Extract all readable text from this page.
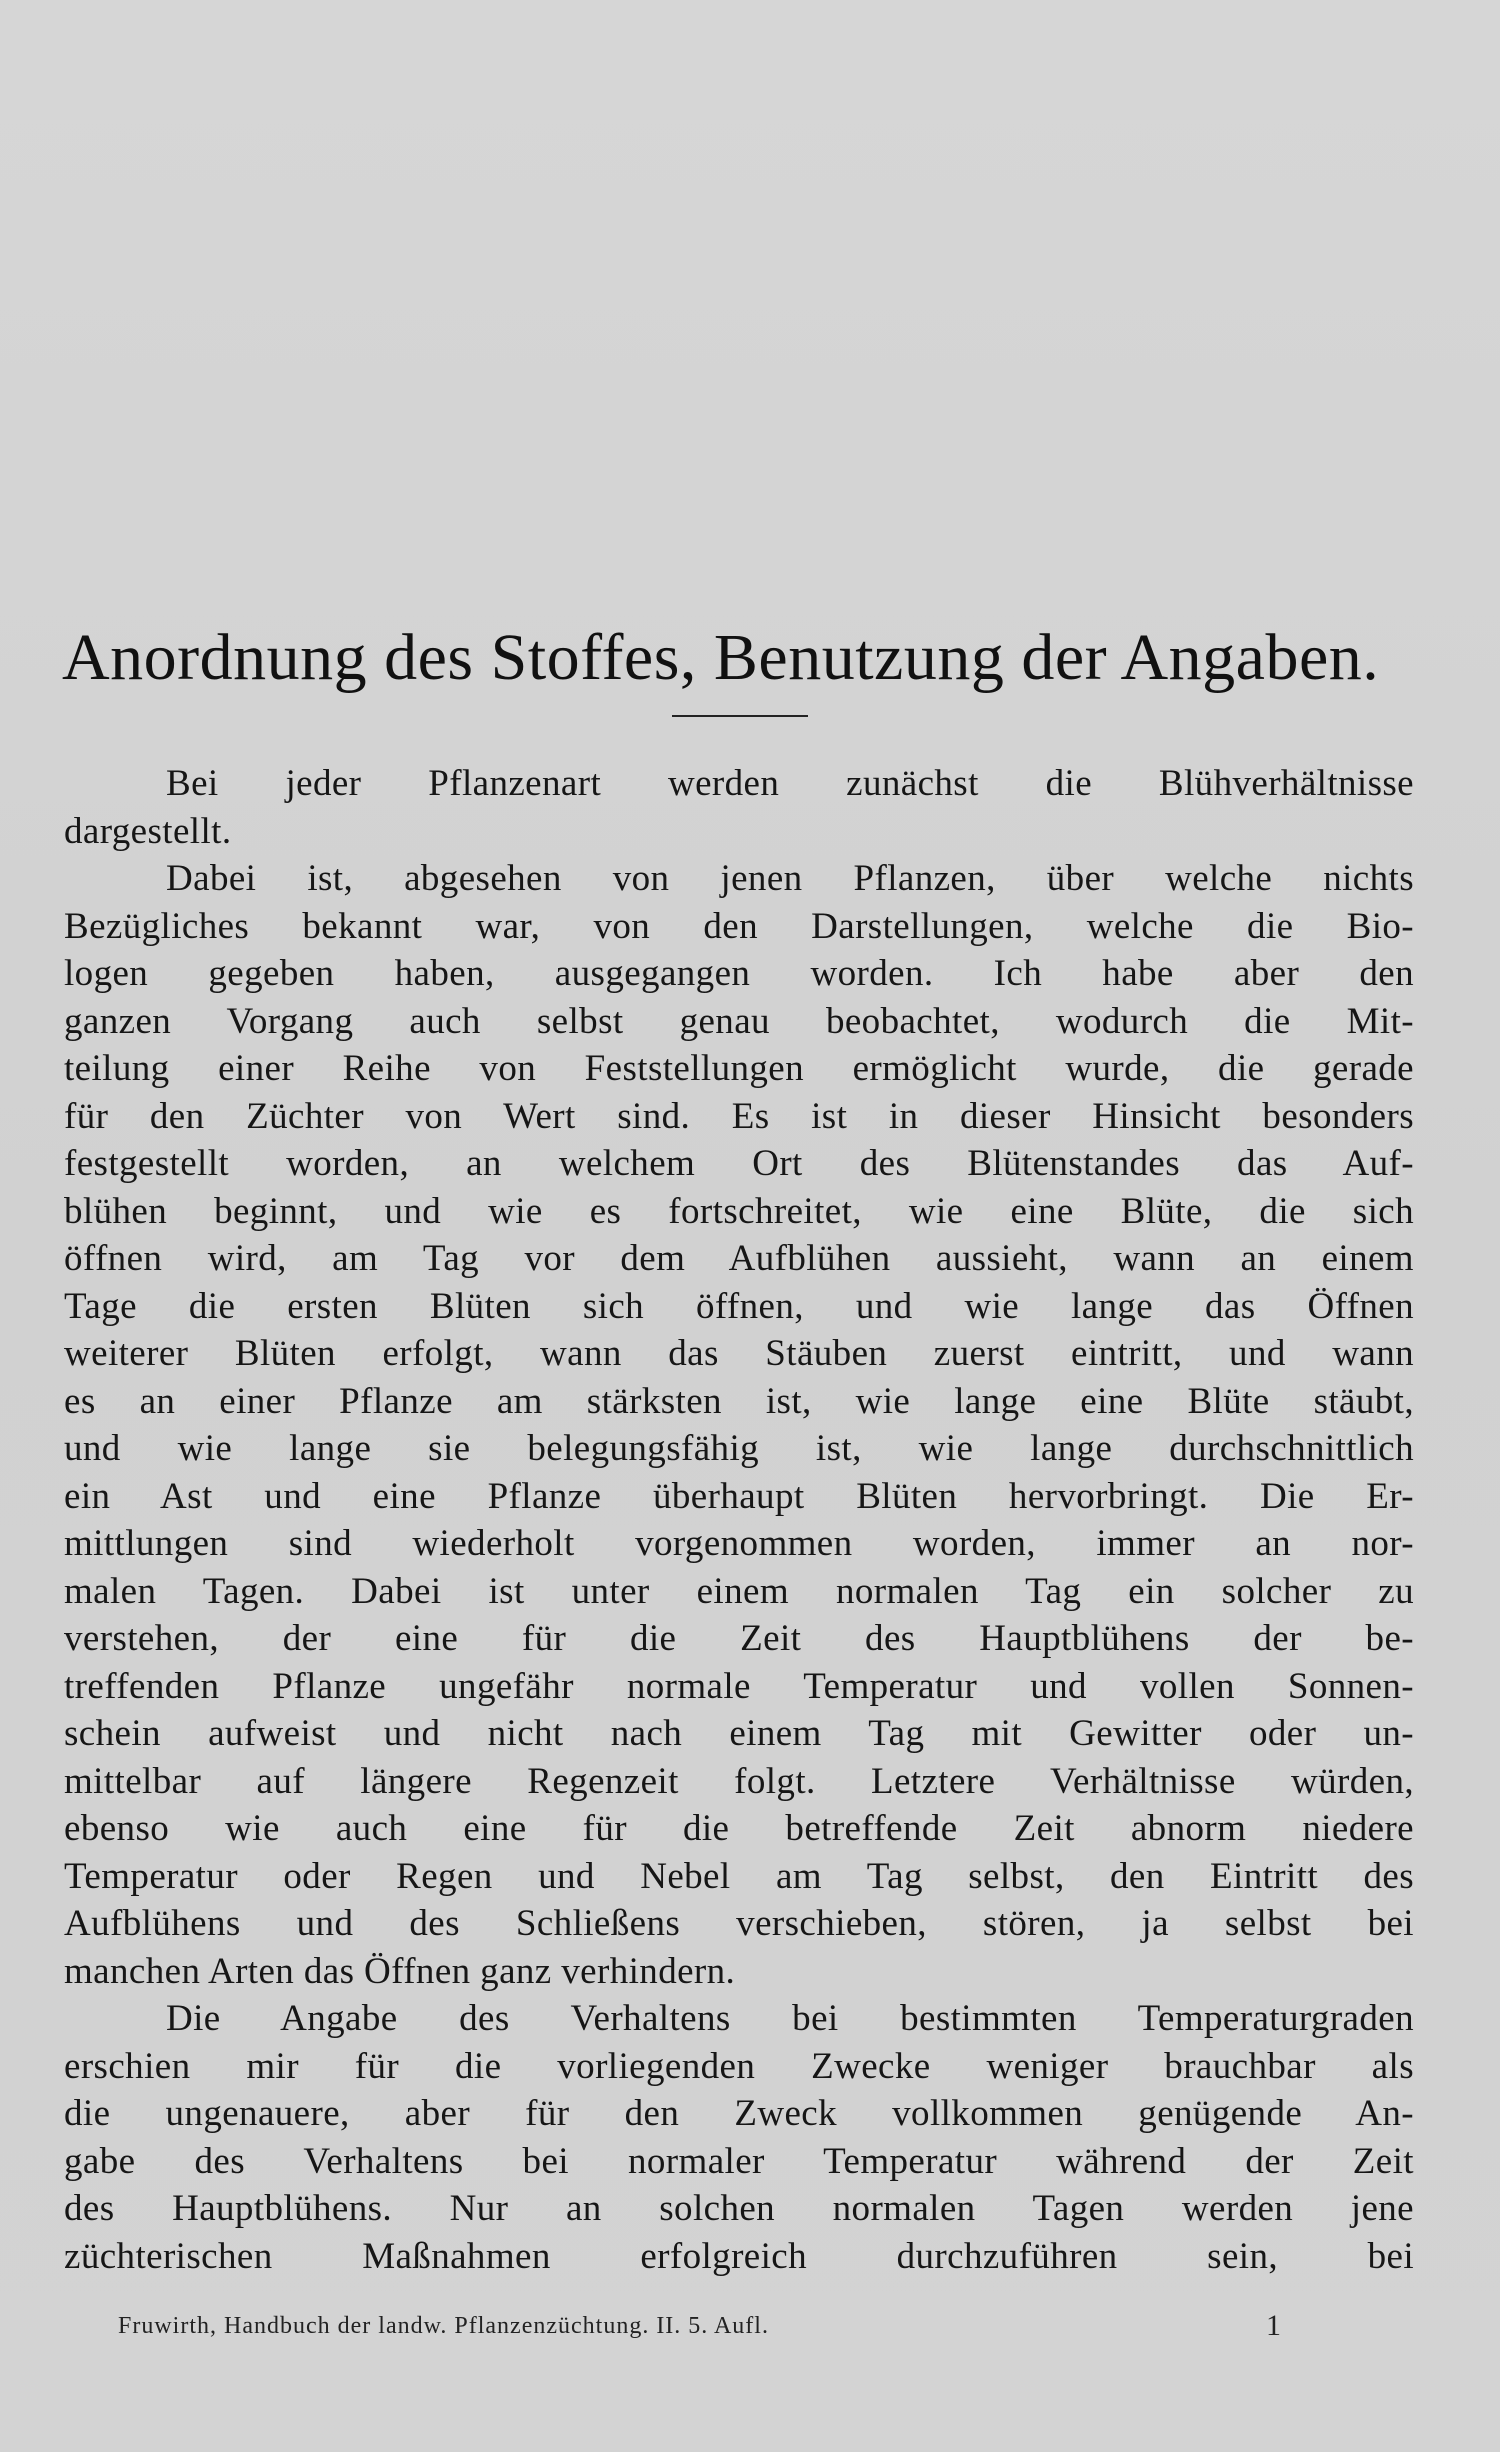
Anordnung des Stoffes, Benutzung der Angaben.
Bei jeder Pflanzenart werden zunächst die Blühverhältnisse
dargestellt.
Dabei ist, abgesehen von jenen Pflanzen, über welche nichts
Bezügliches bekannt war, von den Darstellungen, welche die Bio-
logen gegeben haben, ausgegangen worden. Ich habe aber den
ganzen Vorgang auch selbst genau beobachtet, wodurch die Mit-
teilung einer Reihe von Feststellungen ermöglicht wurde, die gerade
für den Züchter von Wert sind. Es ist in dieser Hinsicht besonders
festgestellt worden, an welchem Ort des Blütenstandes das Auf-
blühen beginnt, und wie es fortschreitet, wie eine Blüte, die sich
öffnen wird, am Tag vor dem Aufblühen aussieht, wann an einem
Tage die ersten Blüten sich öffnen, und wie lange das Öffnen
weiterer Blüten erfolgt, wann das Stäuben zuerst eintritt, und wann
es an einer Pflanze am stärksten ist, wie lange eine Blüte stäubt,
und wie lange sie belegungsfähig ist, wie lange durchschnittlich
ein Ast und eine Pflanze überhaupt Blüten hervorbringt. Die Er-
mittlungen sind wiederholt vorgenommen worden, immer an nor-
malen Tagen. Dabei ist unter einem normalen Tag ein solcher zu
verstehen, der eine für die Zeit des Hauptblühens der be-
treffenden Pflanze ungefähr normale Temperatur und vollen Sonnen-
schein aufweist und nicht nach einem Tag mit Gewitter oder un-
mittelbar auf längere Regenzeit folgt. Letztere Verhältnisse würden,
ebenso wie auch eine für die betreffende Zeit abnorm niedere
Temperatur oder Regen und Nebel am Tag selbst, den Eintritt des
Aufblühens und des Schließens verschieben, stören, ja selbst bei
manchen Arten das Öffnen ganz verhindern.
Die Angabe des Verhaltens bei bestimmten Temperaturgraden
erschien mir für die vorliegenden Zwecke weniger brauchbar als
die ungenauere, aber für den Zweck vollkommen genügende An-
gabe des Verhaltens bei normaler Temperatur während der Zeit
des Hauptblühens. Nur an solchen normalen Tagen werden jene
züchterischen Maßnahmen erfolgreich durchzuführen sein, bei
Fruwirth, Handbuch der landw. Pflanzenzüchtung. II. 5. Aufl.	1
